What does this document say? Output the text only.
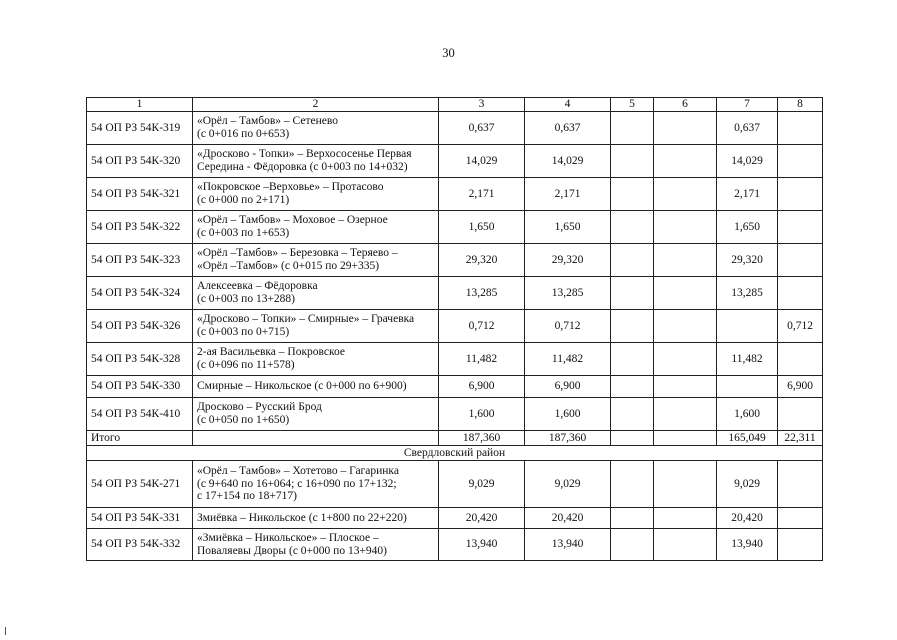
30
1	2	3	4	5	6	7	8
54 ОП РЗ 54К-319	«Орёл – Тамбов» – Сетенево
(с 0+016 по 0+653)	0,637	0,637			0,637	
54 ОП РЗ 54К-320	«Дросково - Топки» – Верхососенье Первая
Середина - Фёдоровка (с 0+003 по 14+032)	14,029	14,029			14,029	
54 ОП РЗ 54К-321	«Покровское –Верховье» – Протасово
(с 0+000 по 2+171)	2,171	2,171			2,171	
54 ОП РЗ 54К-322	«Орёл – Тамбов» – Моховое – Озерное
(с 0+003 по 1+653)	1,650	1,650			1,650	
54 ОП РЗ 54К-323	«Орёл –Тамбов» – Березовка – Теряево –
«Орёл –Тамбов» (с 0+015 по 29+335)	29,320	29,320			29,320	
54 ОП РЗ 54К-324	Алексеевка – Фёдоровка
(с 0+003 по 13+288)	13,285	13,285			13,285	
54 ОП РЗ 54К-326	«Дросково – Топки» – Смирные» – Грачевка
(с 0+003 по 0+715)	0,712	0,712				0,712
54 ОП РЗ 54К-328	2-ая Васильевка – Покровское
(с 0+096 по 11+578)	11,482	11,482			11,482	
54 ОП РЗ 54К-330	Смирные – Никольское (с 0+000 по 6+900)	6,900	6,900				6,900
54 ОП РЗ 54К-410	Дросково – Русский Брод
(с 0+050 по 1+650)	1,600	1,600			1,600	
Итого		187,360	187,360			165,049	22,311
Свердловский район							
54 ОП РЗ 54К-271	«Орёл – Тамбов» – Хотетово – Гагаринка
(с 9+640 по 16+064; с 16+090 по 17+132;
с 17+154 по 18+717)	9,029	9,029			9,029	
54 ОП РЗ 54К-331	Змиёвка – Никольское (с 1+800 по 22+220)	20,420	20,420			20,420	
54 ОП РЗ 54К-332	«Змиёвка – Никольское» – Плоское –
Поваляевы Дворы (с 0+000 по 13+940)	13,940	13,940			13,940	
